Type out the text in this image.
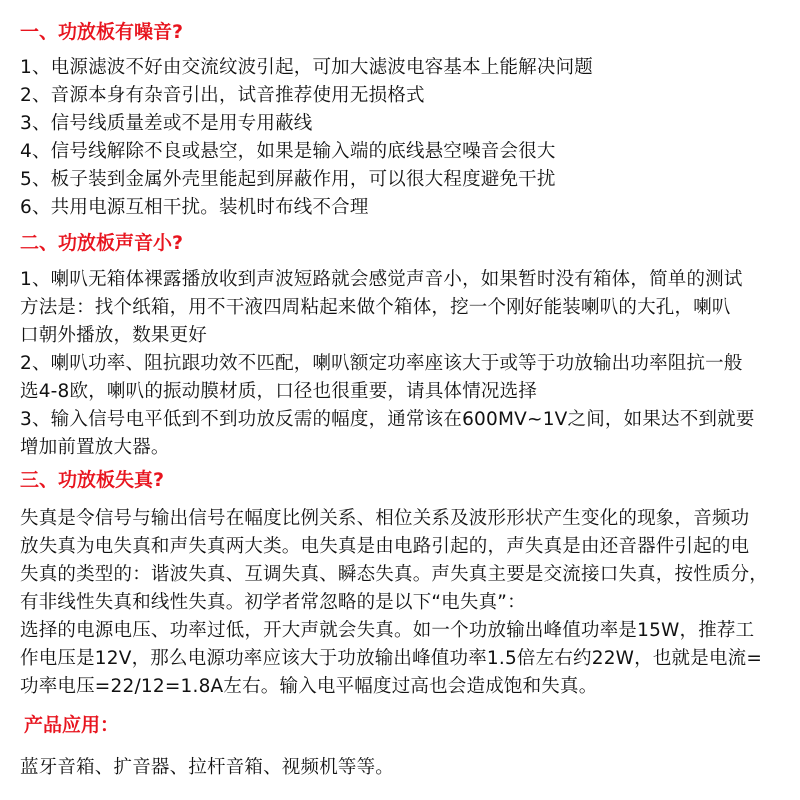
一、功放板有噪音?
1、电源滤波不好由交流纹波引起，可加大滤波电容基本上能解决问题
2、音源本身有杂音引出，试音推荐使用无损格式
3、信号线质量差或不是用专用蔽线
4、信号线解除不良或悬空，如果是输入端的底线悬空噪音会很大
5、板子装到金属外壳里能起到屏蔽作用，可以很大程度避免干扰
6、共用电源互相干扰。装机时布线不合理
二、功放板声音小?
1、喇叭无箱体裸露播放收到声波短路就会感觉声音小，如果暂时没有箱体，简单的测试
方法是：找个纸箱，用不干液四周粘起来做个箱体，挖一个刚好能装喇叭的大孔，喇叭
口朝外播放，数果更好
2、喇叭功率、阻抗跟功效不匹配，喇叭额定功率座该大于或等于功放输出功率阻抗一般
选4-8欧，喇叭的振动膜材质，口径也很重要，请具体情况选择
3、输入信号电平低到不到功放反需的幅度，通常该在600MV~1V之间，如果达不到就要
增加前置放大器。
三、功放板失真?
失真是令信号与输出信号在幅度比例关系、相位关系及波形形状产生变化的现象，音频功
放失真为电失真和声失真两大类。电失真是由电路引起的，声失真是由还音器件引起的电
失真的类型的：谐波失真、互调失真、瞬态失真。声失真主要是交流接口失真，按性质分，
有非线性失真和线性失真。初学者常忽略的是以下“电失真”：
选择的电源电压、功率过低，开大声就会失真。如一个功放输出峰值功率是15W，推荐工
作电压是12V，那么电源功率应该大于功放输出峰值功率1.5倍左右约22W，也就是电流=
功率电压=22/12=1.8A左右。输入电平幅度过高也会造成饱和失真。
产品应用：
蓝牙音箱、扩音器、拉杆音箱、视频机等等。
